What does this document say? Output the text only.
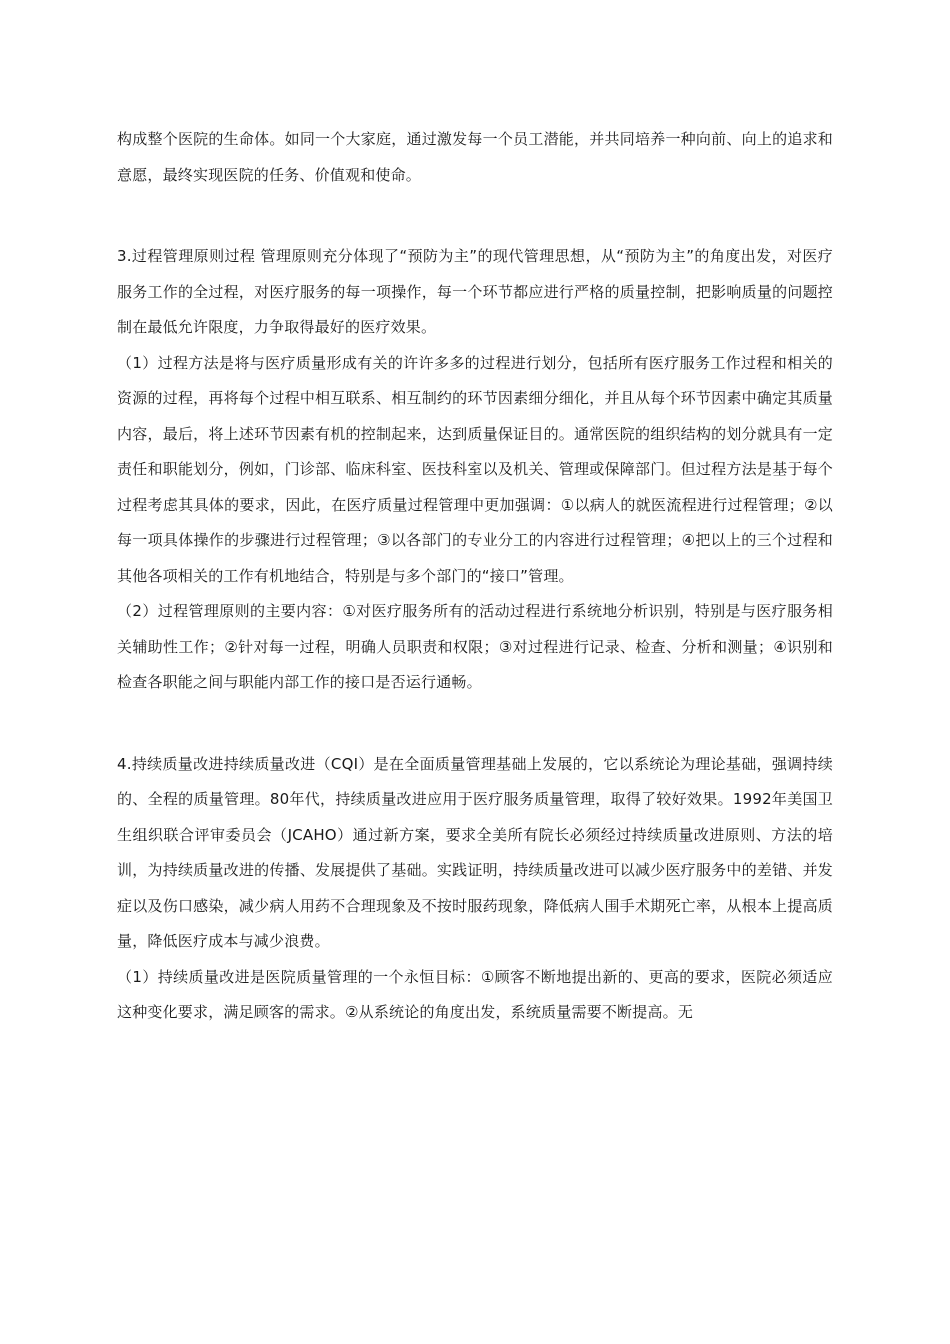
构成整个医院的生命体。如同一个大家庭，通过激发每一个员工潜能，并共同培养一种向前、向上的追求和意愿，最终实现医院的任务、价值观和使命。

3.过程管理原则过程 管理原则充分体现了“预防为主”的现代管理思想，从“预防为主”的角度出发，对医疗服务工作的全过程，对医疗服务的每一项操作，每一个环节都应进行严格的质量控制，把影响质量的问题控制在最低允许限度，力争取得最好的医疗效果。

（1）过程方法是将与医疗质量形成有关的许许多多的过程进行划分，包括所有医疗服务工作过程和相关的资源的过程，再将每个过程中相互联系、相互制约的环节因素细分细化，并且从每个环节因素中确定其质量内容，最后，将上述环节因素有机的控制起来，达到质量保证目的。通常医院的组织结构的划分就具有一定责任和职能划分，例如，门诊部、临床科室、医技科室以及机关、管理或保障部门。但过程方法是基于每个过程考虑其具体的要求，因此，在医疗质量过程管理中更加强调：①以病人的就医流程进行过程管理；②以每一项具体操作的步骤进行过程管理；③以各部门的专业分工的内容进行过程管理；④把以上的三个过程和其他各项相关的工作有机地结合，特别是与多个部门的“接口”管理。

（2）过程管理原则的主要内容：①对医疗服务所有的活动过程进行系统地分析识别，特别是与医疗服务相关辅助性工作；②针对每一过程，明确人员职责和权限；③对过程进行记录、检查、分析和测量；④识别和检查各职能之间与职能内部工作的接口是否运行通畅。

4.持续质量改进持续质量改进（CQI）是在全面质量管理基础上发展的，它以系统论为理论基础，强调持续的、全程的质量管理。80年代，持续质量改进应用于医疗服务质量管理，取得了较好效果。1992年美国卫生组织联合评审委员会（JCAHO）通过新方案，要求全美所有院长必须经过持续质量改进原则、方法的培训，为持续质量改进的传播、发展提供了基础。实践证明，持续质量改进可以减少医疗服务中的差错、并发症以及伤口感染，减少病人用药不合理现象及不按时服药现象，降低病人围手术期死亡率，从根本上提高质量，降低医疗成本与减少浪费。

（1）持续质量改进是医院质量管理的一个永恒目标：①顾客不断地提出新的、更高的要求，医院必须适应这种变化要求，满足顾客的需求。②从系统论的角度出发，系统质量需要不断提高。无
